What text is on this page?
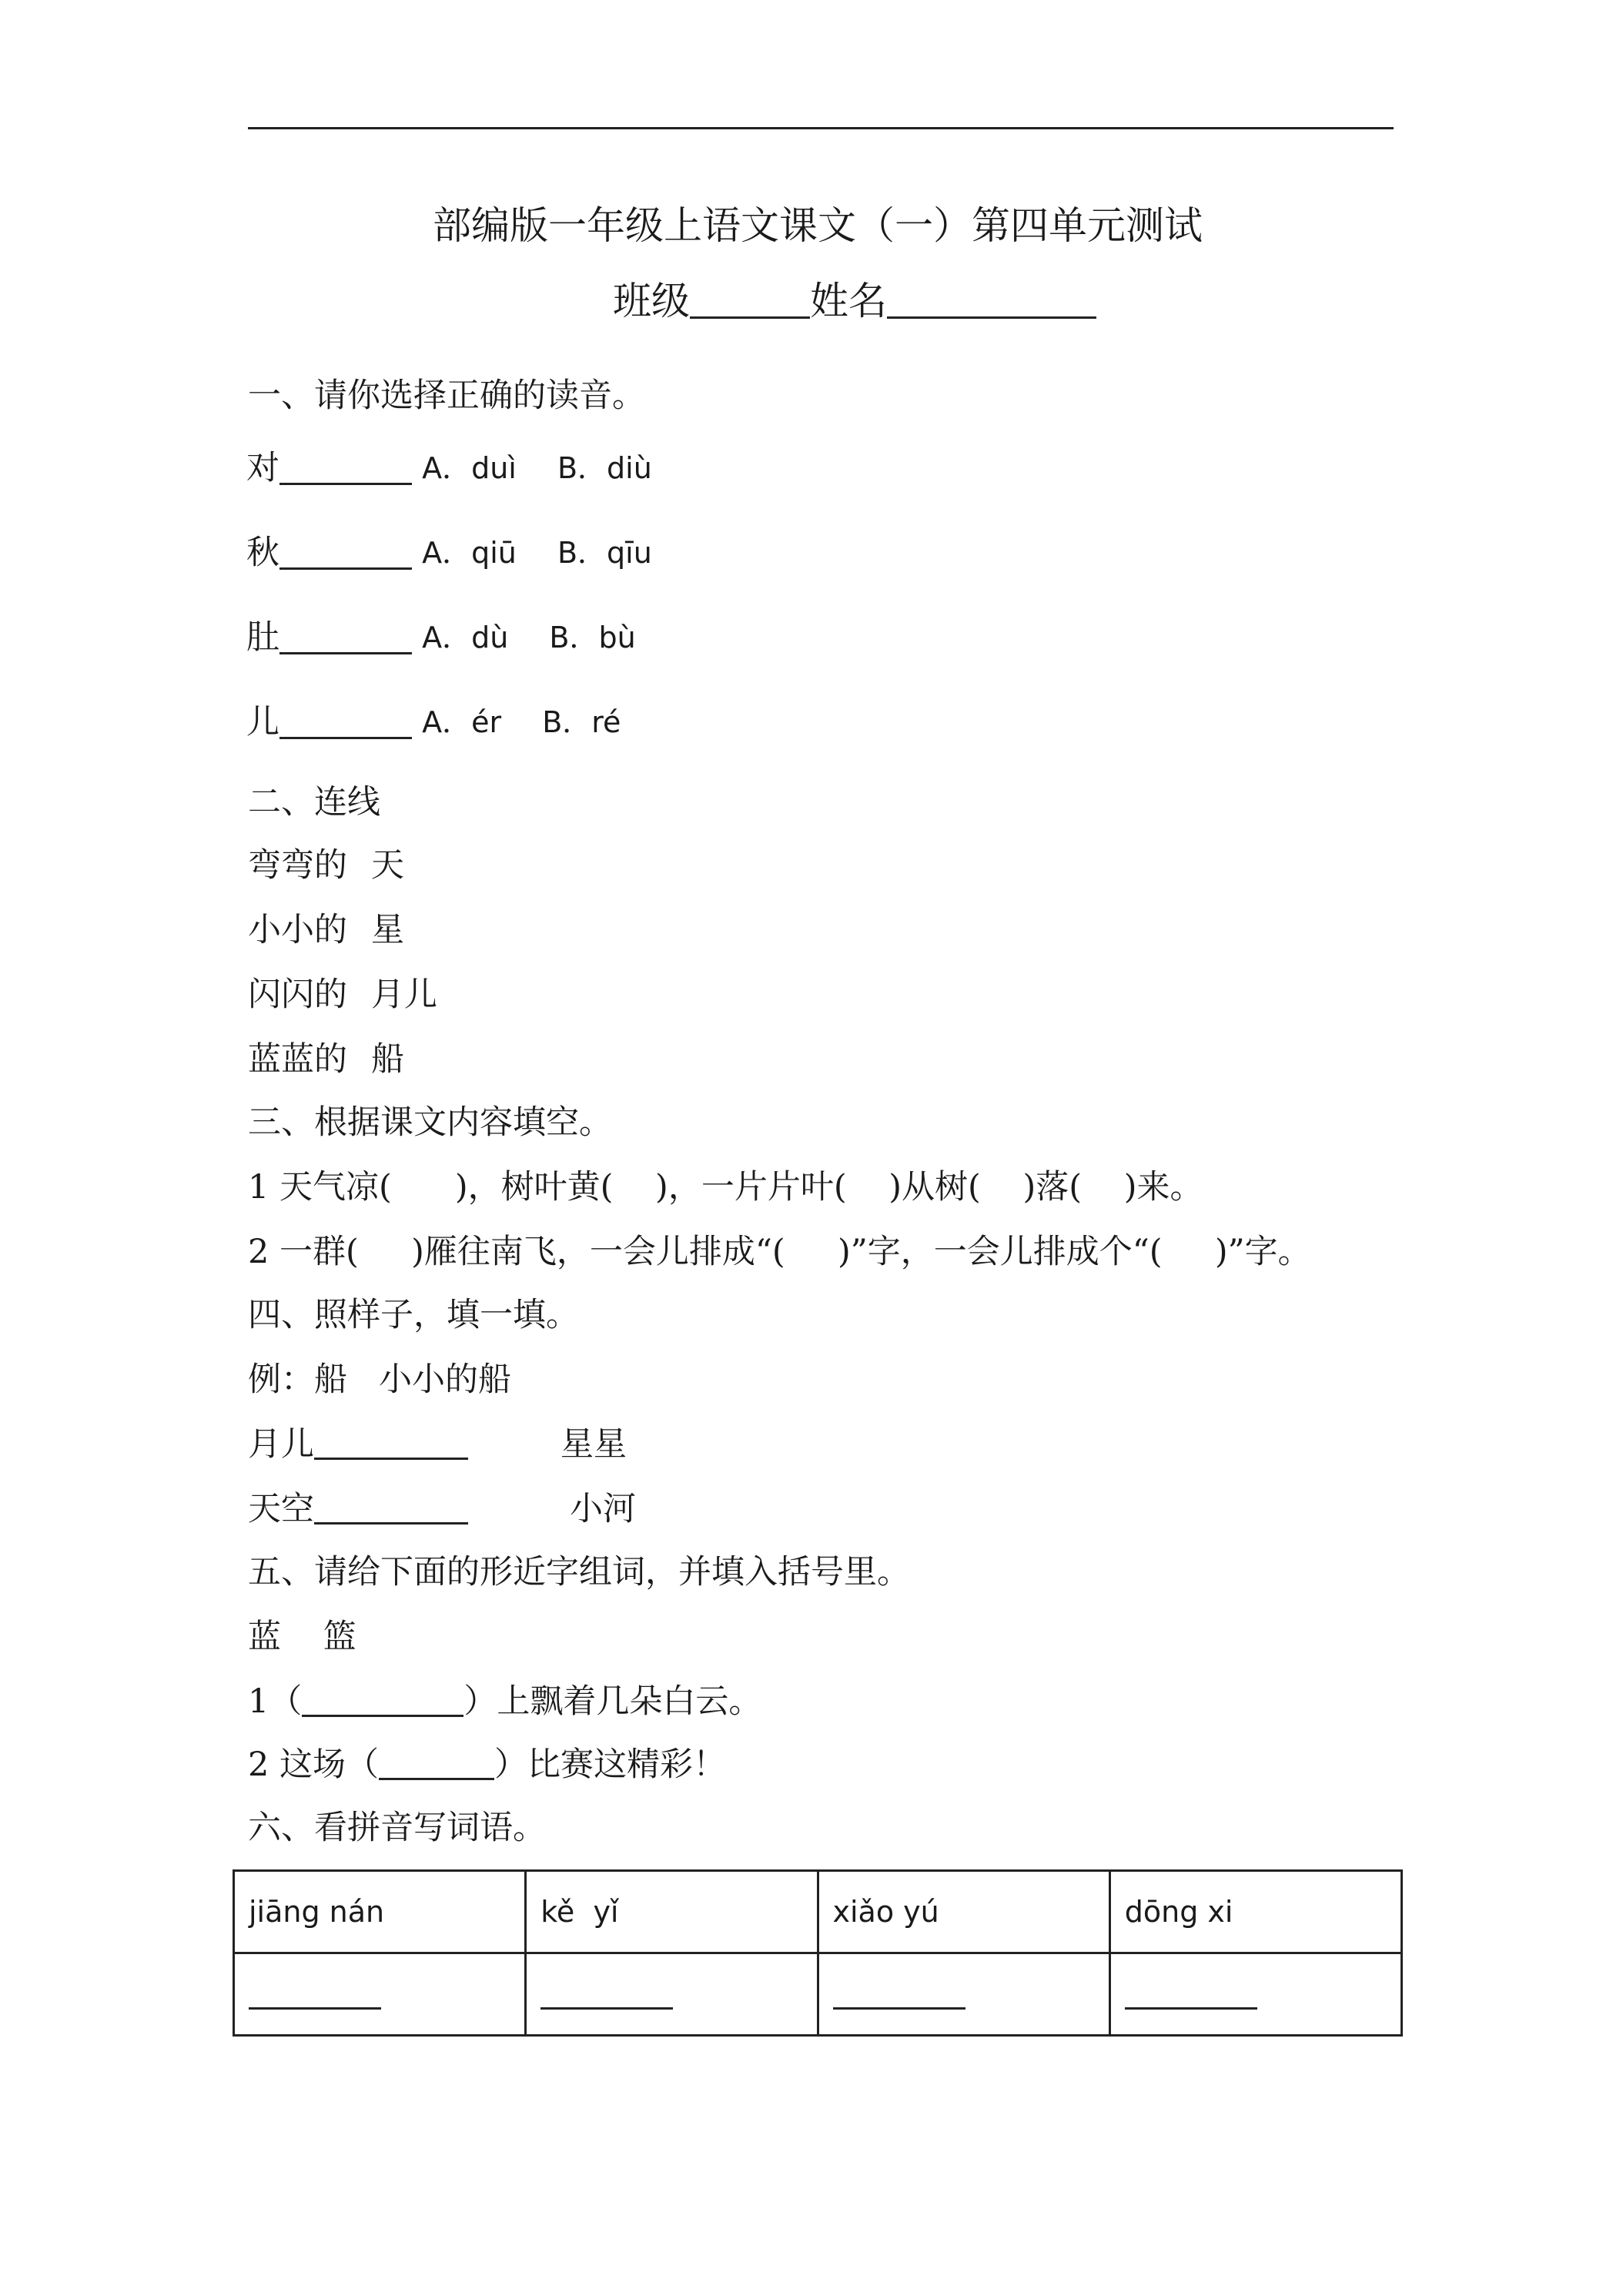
部编版一年级上语文课文（一）第四单元测试
班级	姓名
一、请你选择正确的读音。
对	A．duì B．diù
秋	A．qiū B．qīu
肚	A．dù B．bù
儿	A．ér B．ré
二、连线
弯弯的 天
小小的 星
闪闪的 月儿
蓝蓝的 船
三、根据课文内容填空。
1 天气凉(      )，树叶黄(    )，一片片叶(    )从树(    )落(    )来。
2 一群(     )雁往南飞，一会儿排成“(     )”字，一会儿排成个“(     )”字。
四、照样子，填一填。
例：船   小小的船
月儿	星星
天空	小河
五、请给下面的形近字组词，并填入括号里。
蓝    篮
1（	）上飘着几朵白云。
2 这场（	）比赛这精彩！
六、看拼音写词语。
jiāng nán	kě  yǐ	xiǎo yú	dōng xi
